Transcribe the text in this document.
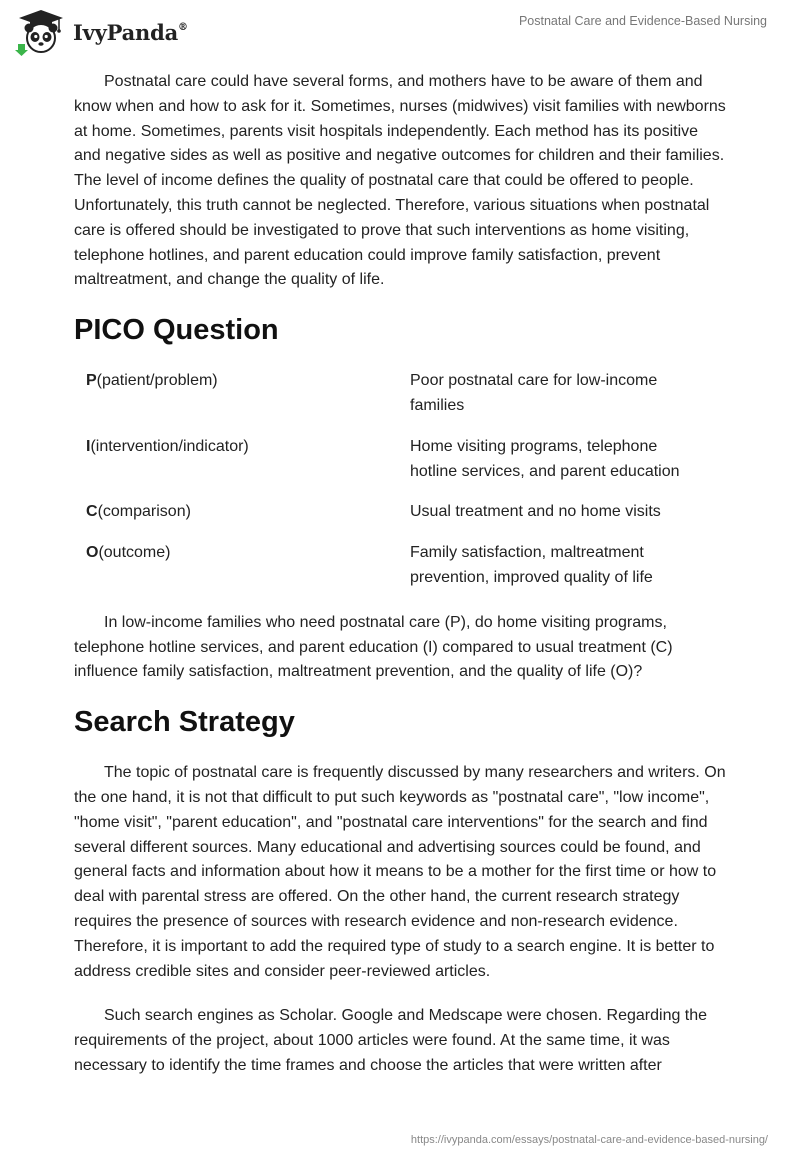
IvyPanda®	Postnatal Care and Evidence-Based Nursing

Postnatal care could have several forms, and mothers have to be aware of them and know when and how to ask for it. Sometimes, nurses (midwives) visit families with newborns at home. Sometimes, parents visit hospitals independently. Each method has its positive and negative sides as well as positive and negative outcomes for children and their families. The level of income defines the quality of postnatal care that could be offered to people. Unfortunately, this truth cannot be neglected. Therefore, various situations when postnatal care is offered should be investigated to prove that such interventions as home visiting, telephone hotlines, and parent education could improve family satisfaction, prevent maltreatment, and change the quality of life.

PICO Question
P(patient/problem)	Poor postnatal care for low-income families
I(intervention/indicator)	Home visiting programs, telephone hotline services, and parent education
C(comparison)	Usual treatment and no home visits
O(outcome)	Family satisfaction, maltreatment prevention, improved quality of life

In low-income families who need postnatal care (P), do home visiting programs, telephone hotline services, and parent education (I) compared to usual treatment (C) influence family satisfaction, maltreatment prevention, and the quality of life (O)?

Search Strategy

The topic of postnatal care is frequently discussed by many researchers and writers. On the one hand, it is not that difficult to put such keywords as "postnatal care", "low income", "home visit", "parent education", and "postnatal care interventions" for the search and find several different sources. Many educational and advertising sources could be found, and general facts and information about how it means to be a mother for the first time or how to deal with parental stress are offered. On the other hand, the current research strategy requires the presence of sources with research evidence and non-research evidence. Therefore, it is important to add the required type of study to a search engine. It is better to address credible sites and consider peer-reviewed articles.

Such search engines as Scholar. Google and Medscape were chosen. Regarding the requirements of the project, about 1000 articles were found. At the same time, it was necessary to identify the time frames and choose the articles that were written after

https://ivypanda.com/essays/postnatal-care-and-evidence-based-nursing/
